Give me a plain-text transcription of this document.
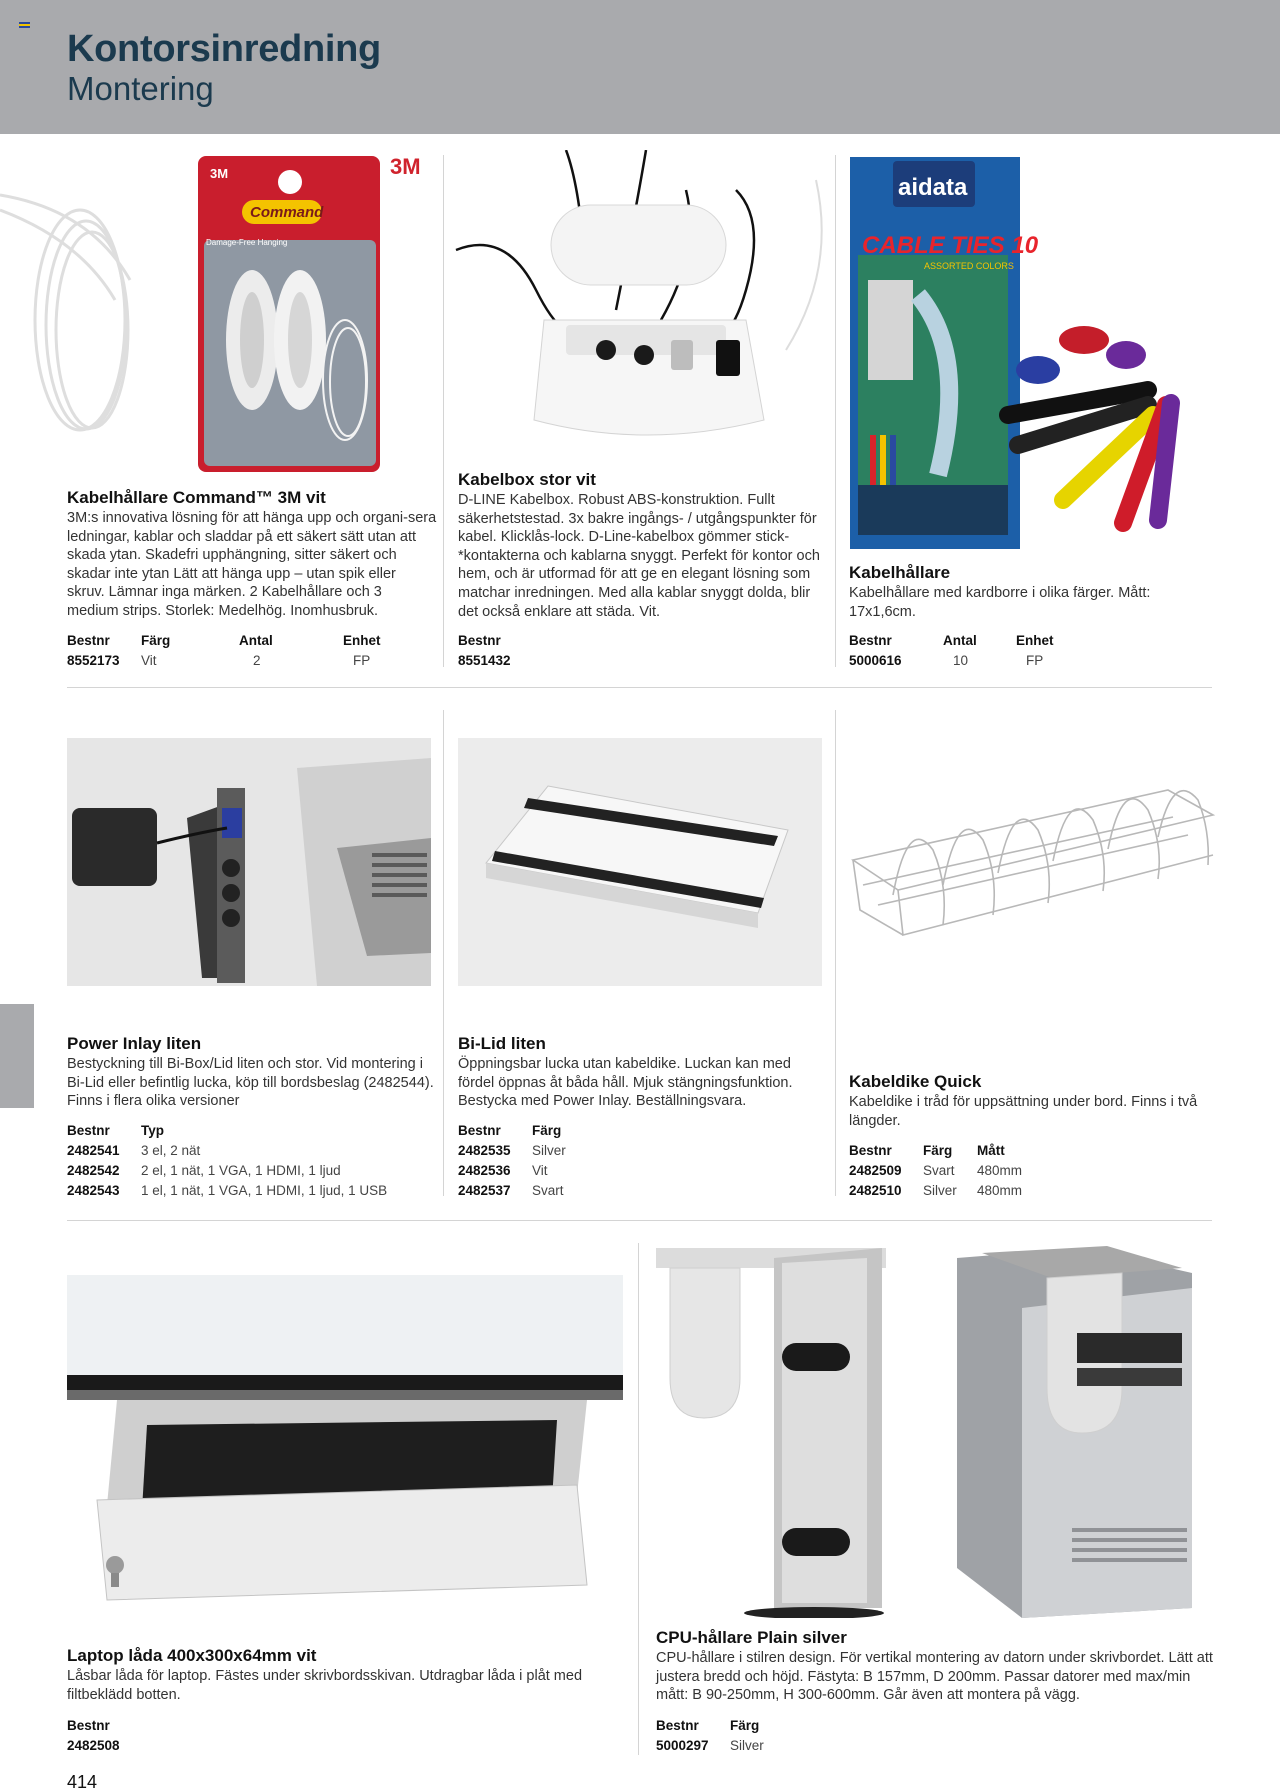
Kontorsinredning
Montering
3M	3M
Command
Damage-Free Hanging
aidata
CABLE TIES 10
ASSORTED COLORS
Kabelhållare Command™ 3M vit
3M:s innovativa lösning för att hänga upp och organi-sera ledningar, kablar och sladdar på ett säkert sätt utan att skada ytan. Skadefri upphängning, sitter säkert och skadar inte ytan Lätt att hänga upp – utan spik eller skruv. Lämnar inga märken. 2 Kabelhållare och 3 medium strips. Storlek: Medelhög. Inomhusbruk.
Bestnr	Färg	Antal	Enhet
8552173	Vit	2	FP
Kabelbox stor vit
D-LINE Kabelbox. Robust ABS-konstruktion. Fullt säkerhetstestad. 3x bakre ingångs- / utgångspunkter för kabel. Klicklås-lock. D-Line-kabelbox gömmer stick-*kontakterna och kablarna snyggt. Perfekt för kontor och hem, och är utformad för att ge en elegant lösning som matchar inredningen. Med alla kablar snyggt dolda, blir det också enklare att städa. Vit.
Bestnr
8551432
Kabelhållare
Kabelhållare med kardborre i olika färger. Mått: 17x1,6cm.
Bestnr	Antal	Enhet
5000616	10	FP
Power Inlay liten
Bestyckning till Bi-Box/Lid liten och stor. Vid montering i Bi-Lid eller befintlig lucka, köp till bordsbeslag (2482544). Finns i flera olika versioner
Bestnr	Typ
2482541	3 el, 2 nät
2482542	2 el, 1 nät, 1 VGA, 1 HDMI, 1 ljud
2482543	1 el, 1 nät, 1 VGA, 1 HDMI, 1 ljud, 1 USB
Bi-Lid liten
Öppningsbar lucka utan kabeldike. Luckan kan med fördel öppnas åt båda håll. Mjuk stängningsfunktion. Bestycka med Power Inlay. Beställningsvara.
Bestnr	Färg
2482535	Silver
2482536	Vit
2482537	Svart
Kabeldike Quick
Kabeldike i tråd för uppsättning under bord. Finns i två längder.
Bestnr	Färg	Mått
2482509	Svart	480mm
2482510	Silver	480mm
Laptop låda 400x300x64mm vit
Låsbar låda för laptop. Fästes under skrivbordsskivan. Utdragbar låda i plåt med filtbeklädd botten.
Bestnr
2482508
CPU-hållare Plain silver
CPU-hållare i stilren design. För vertikal montering av datorn under skrivbordet. Lätt att justera bredd och höjd. Fästyta: B 157mm, D 200mm. Passar datorer med max/min mått: B 90-250mm, H 300-600mm. Går även att montera på vägg.
Bestnr	Färg
5000297	Silver
414
